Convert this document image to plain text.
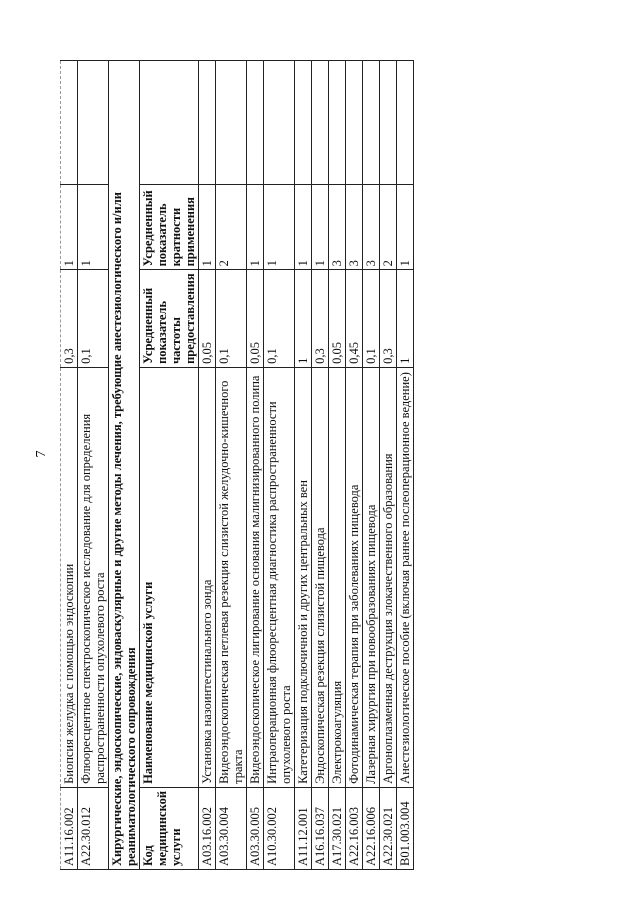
7
A11.16.002	Биопсия желудка с помощью эндоскопии	0,3	1	
A22.30.012	Флюоресцентное спектроскопическое исследование для определения распространенности опухолевого роста	0,1	1	
Хирургические, эндоскопические, эндоваскулярные и другие методы лечения, требующие анестезиологического и/или реаниматологического сопровождения				
Код медицинской услуги	Наименование медицинской услуги	Усредненный показатель частоты предоставления	Усредненный показатель кратности применения	
A03.16.002	Установка назоинтестинального зонда	0,05	1	
A03.30.004	Видеоэндоскопическая петлевая резекция слизистой желудочно-кишечного тракта	0,1	2	
A03.30.005	Видеоэндоскопическое лигирование основания малигнизированного полипа	0,05	1	
A10.30.002	Интраоперационная флюоресцентная диагностика распространенности опухолевого роста	0,1	1	
A11.12.001	Катетеризация подключичной и других центральных вен	1	1	
A16.16.037	Эндоскопическая резекция слизистой пищевода	0,3	1	
A17.30.021	Электрокоагуляция	0,05	3	
A22.16.003	Фотодинамическая терапия при заболеваниях пищевода	0,45	3	
A22.16.006	Лазерная хирургия при новообразованиях пищевода	0,1	3	
A22.30.021	Аргоноплазменная деструкция злокачественного образования	0,3	2	
B01.003.004	Анестезиологическое пособие (включая раннее послеоперационное ведение)	1	1	
